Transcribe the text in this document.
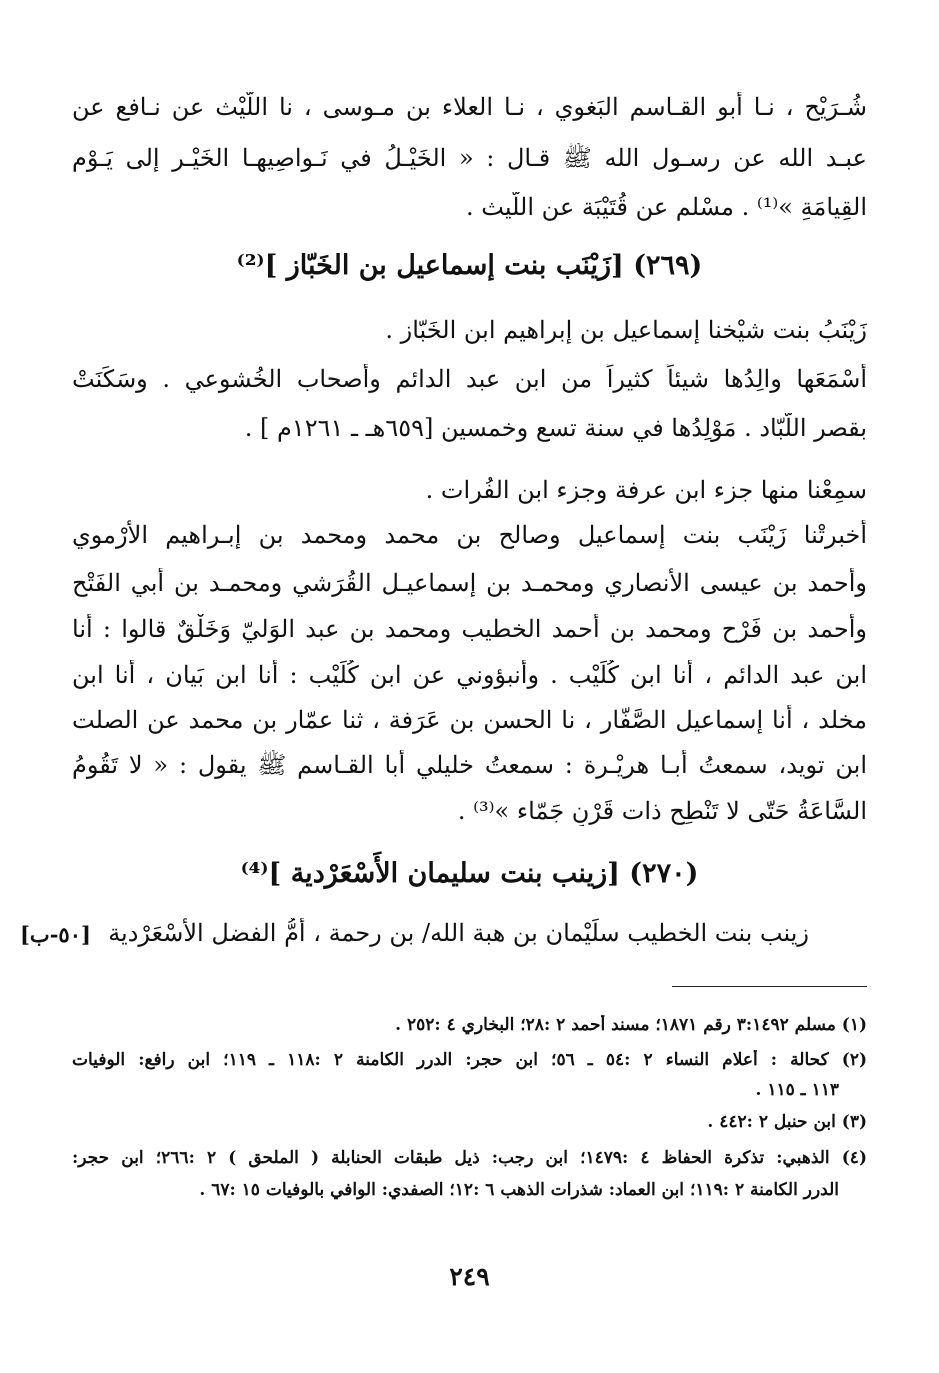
شُـرَيْح ، نـا أبو القـاسم البَغوي ، نـا العلاء بن مـوسى ، نا اللَّيْث عن نـافع عن
عبـد الله عن رسـول الله ﷺ قـال : « الخَيْـلُ في نَـواصِيهـا الخَيْـر إلى يَـوْمِ
القِيامَةِ »⁽¹⁾ . مسْلم عن قُتَيْبَة عن اللَّيث .
(٢٦٩) [زَيْنَب بنت إسماعيل بن الخَبّاز ]⁽²⁾
زَيْنَبُ بنت شيْخنا إسماعيل بن إبراهيم ابن الخَبّاز .
أَسْمَعَها والِدُها شيئاً كثيراً من ابن عبد الدائم وأصحاب الخُشوعي . وسَكَنَتْ
بقصر اللَّبّاد . مَوْلِدُها في سنة تسعٍ وخمسين [٦٥٩هـ ـ ١٢٦١م ] .
سمِعْنا منها جزء ابن عرفة وجزء ابن الفُرات .
أخبرتْنا زَيْنَب بنت إسماعيل وصالح بن محمد ومحمد بن إبـراهيم الأَرْموي
وأحمد بن عيسى الأنصاري ومحمـد بن إسماعيـل القُرَشي ومحمـد بن أبي الفَتْح
وأحمد بن فَرْح ومحمد بن أحمد الخطيب ومحمد بن عبد الوَليّ وَخَلْقٌ قالوا : أنا
ابن عبد الدائم ، أنا ابن كُلَيْب . وأنبؤوني عن ابن كُلَيْب : أنا ابن بَيان ، أنا ابن
مخلد ، أنا إسماعيل الصَّفّار ، نا الحسن بن عَرَفة ، ثنا عمّار بن محمد عن الصلت
ابن تويد، سمعتُ أبـا هريْـرة : سمعتُ خليلي أبا القـاسم ﷺ يقول : « لا تَقُومُ
السَّاعَةُ حَتّى لا تَنْطِح ذات قَرْنٍ جَمّاء »⁽³⁾ .
(٢٧٠) [زينب بنت سليمان الأَسْعَرْدية ]⁽⁴⁾
زينب بنت الخطيب سلَيْمان بن هبة الله/ بن رحمة ، أُمُّ الفضل الأَسْعَرْدية
[٥٠-ب]
(١) مسلم ٣:١٤٩٢ رقم ١٨٧١؛ مسند أحمد ٢ :٢٨؛ البخاري ٤ :٢٥٢ .
(٢) كحالة : أعلام النساء ٢ :٥٤ ـ ٥٦؛ ابن حجر: الدرر الكامنة ٢ :١١٨ ـ ١١٩؛ ابن رافع: الوفيات
١١٣ ـ ١١٥ .
(٣) ابن حنبل ٢ :٤٤٢ .
(٤) الذهبي: تذكرة الحفاظ ٤ :١٤٧٩؛ ابن رجب: ذيل طبقات الحنابلة ( الملحق ) ٢ :٢٦٦؛ ابن حجر:
الدرر الكامنة ٢ :١١٩؛ ابن العماد: شذرات الذهب ٦ :١٢؛ الصفدي: الوافي بالوفيات ١٥ :٦٧ .
٢٤٩
